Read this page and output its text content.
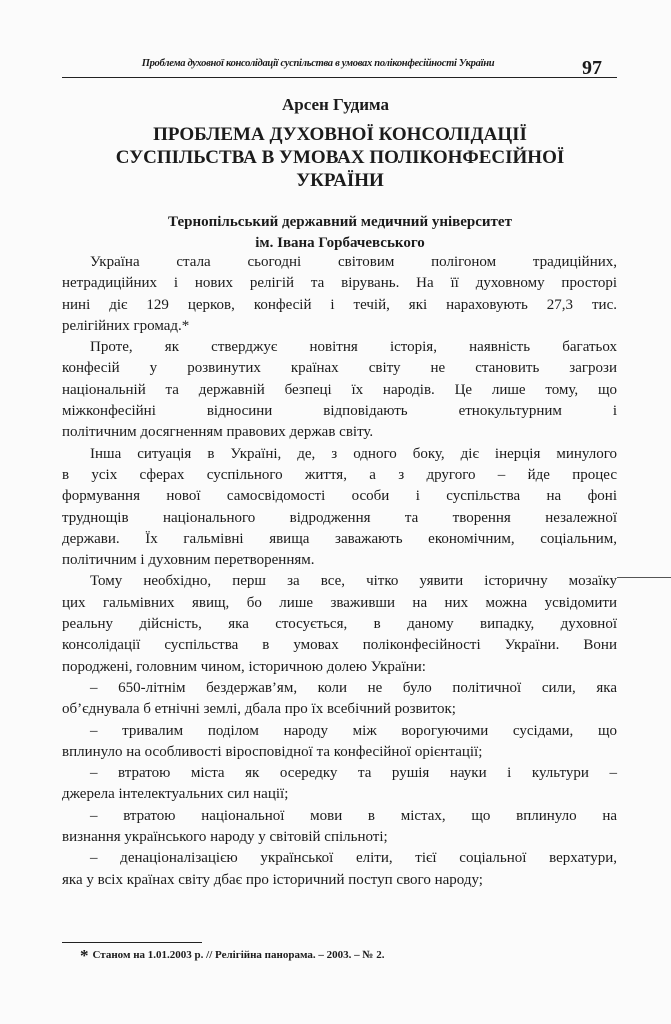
Проблема духовної консолідації суспільства в умовах поліконфесійності України	97
Арсен Гудима
ПРОБЛЕМА ДУХОВНОЇ КОНСОЛІДАЦІЇ
СУСПІЛЬСТВА В УМОВАХ ПОЛІКОНФЕСІЙНОЇ
УКРАЇНИ
Тернопільський державний медичний університет
ім. Івана Горбачевського
Україна стала сьогодні світовим полігоном традиційних,
нетрадиційних і нових релігій та вірувань. На її духовному просторі
нині діє 129 церков, конфесій і течій, які нараховують 27,3 тис.
релігійних громад.*
Проте, як стверджує новітня історія, наявність багатьох
конфесій у розвинутих країнах світу не становить загрози
національній та державній безпеці їх народів. Це лише тому, що
міжконфесійні відносини відповідають етнокультурним і
політичним досягненням правових держав світу.
Інша ситуація в Україні, де, з одного боку, діє інерція минулого
в усіх сферах суспільного життя, а з другого – йде процес
формування нової самосвідомості особи і суспільства на фоні
труднощів національного відродження та творення незалежної
держави. Їх гальмівні явища заважають економічним, соціальним,
політичним і духовним перетворенням.
Тому необхідно, перш за все, чітко уявити історичну мозаїку
цих гальмівних явищ, бо лише зваживши на них можна усвідомити
реальну дійсність, яка стосується, в даному випадку, духовної
консолідації суспільства в умовах поліконфесійності України. Вони
породжені, головним чином, історичною долею України:
– 650-літнім бездержав’ям, коли не було політичної сили, яка
об’єднувала б етнічні землі, дбала про їх всебічний розвиток;
– тривалим поділом народу між ворогуючими сусідами, що
вплинуло на особливості віросповідної та конфесійної орієнтації;
– втратою міста як осередку та рушія науки і культури –
джерела інтелектуальних сил нації;
– втратою національної мови в містах, що вплинуло на
визнання українського народу у світовій спільноті;
– денаціоналізацією української еліти, тієї соціальної верхатури,
яка у всіх країнах світу дбає про історичний поступ свого народу;
* Станом на 1.01.2003 р. // Релігійна панорама. – 2003. – № 2.
